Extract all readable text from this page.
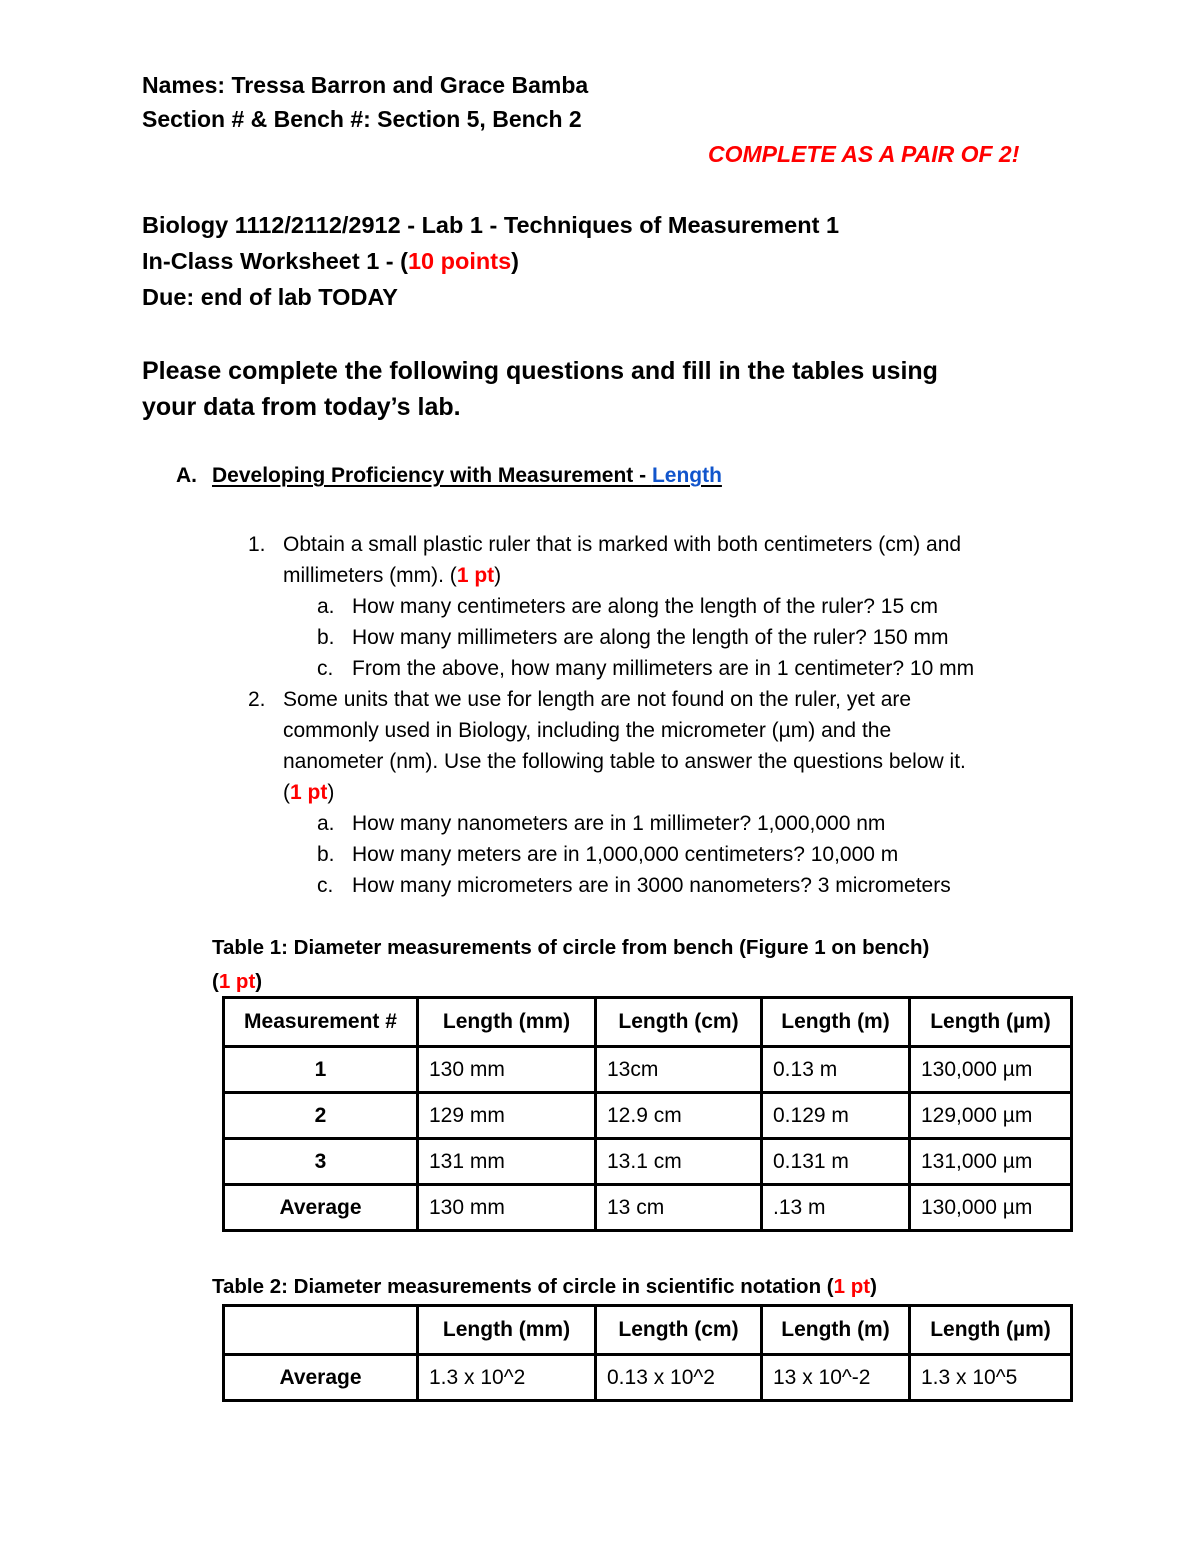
Names: Tressa Barron and Grace Bamba
Section # & Bench #: Section 5, Bench 2
COMPLETE AS A PAIR OF 2!
Biology 1112/2112/2912 - Lab 1 - Techniques of Measurement 1
In-Class Worksheet 1 - (10 points)
Due: end of lab TODAY
Please complete the following questions and fill in the tables using
your data from today’s lab.
A. Developing Proficiency with Measurement - Length
1. Obtain a small plastic ruler that is marked with both centimeters (cm) and
millimeters (mm). (1 pt)
a. How many centimeters are along the length of the ruler? 15 cm
b. How many millimeters are along the length of the ruler? 150 mm
c. From the above, how many millimeters are in 1 centimeter? 10 mm
2. Some units that we use for length are not found on the ruler, yet are
commonly used in Biology, including the micrometer (µm) and the
nanometer (nm). Use the following table to answer the questions below it.
(1 pt)
a. How many nanometers are in 1 millimeter? 1,000,000 nm
b. How many meters are in 1,000,000 centimeters? 10,000 m
c. How many micrometers are in 3000 nanometers? 3 micrometers
Table 1: Diameter measurements of circle from bench (Figure 1 on bench)
(1 pt)
Measurement #	Length (mm)	Length (cm)	Length (m)	Length (µm)
1	130 mm	13cm	0.13 m	130,000 µm
2	129 mm	12.9 cm	0.129 m	129,000 µm
3	131 mm	13.1 cm	0.131 m	131,000 µm
Average	130 mm	13 cm	.13 m	130,000 µm
Table 2: Diameter measurements of circle in scientific notation (1 pt)
	Length (mm)	Length (cm)	Length (m)	Length (µm)
Average	1.3 x 10^2	0.13 x 10^2	13 x 10^-2	1.3 x 10^5
